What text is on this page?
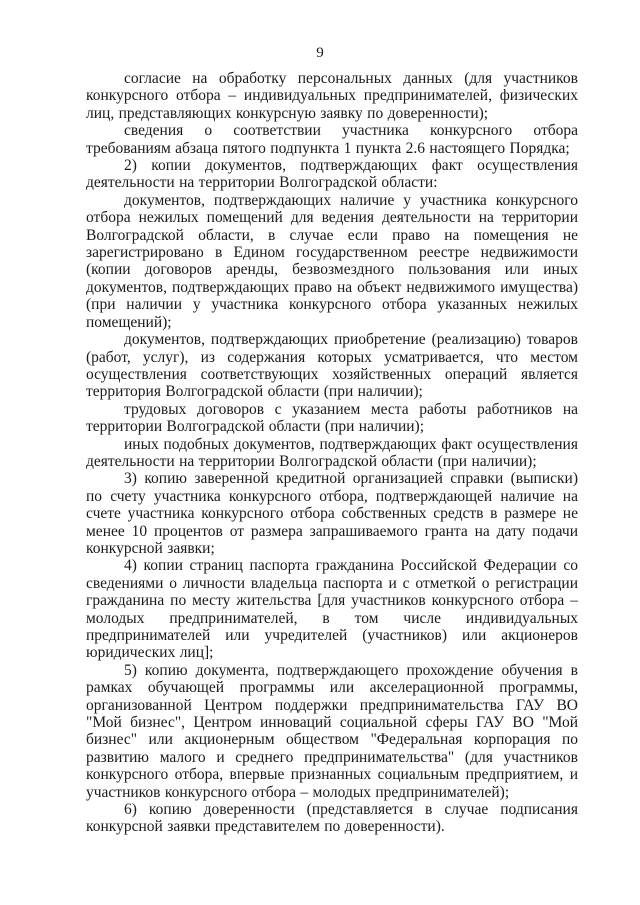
9

согласие на обработку персональных данных (для участников конкурсного отбора – индивидуальных предпринимателей, физических лиц, представляющих конкурсную заявку по доверенности);

сведения о соответствии участника конкурсного отбора требованиям абзаца пятого подпункта 1 пункта 2.6 настоящего Порядка;

2) копии документов, подтверждающих факт осуществления деятельности на территории Волгоградской области:

документов, подтверждающих наличие у участника конкурсного отбора нежилых помещений для ведения деятельности на территории Волгоградской области, в случае если право на помещения не зарегистрировано в Едином государственном реестре недвижимости (копии договоров аренды, безвозмездного пользования или иных документов, подтверждающих право на объект недвижимого имущества) (при наличии у участника конкурсного отбора указанных нежилых помещений);

документов, подтверждающих приобретение (реализацию) товаров (работ, услуг), из содержания которых усматривается, что местом осуществления соответствующих хозяйственных операций является территория Волгоградской области (при наличии);

трудовых договоров с указанием места работы работников на территории Волгоградской области (при наличии);

иных подобных документов, подтверждающих факт осуществления деятельности на территории Волгоградской области (при наличии);

3) копию заверенной кредитной организацией справки (выписки) по счету участника конкурсного отбора, подтверждающей наличие на счете участника конкурсного отбора собственных средств в размере не менее 10 процентов от размера запрашиваемого гранта на дату подачи конкурсной заявки;

4) копии страниц паспорта гражданина Российской Федерации со сведениями о личности владельца паспорта и с отметкой о регистрации гражданина по месту жительства [для участников конкурсного отбора – молодых предпринимателей, в том числе индивидуальных предпринимателей или учредителей (участников) или акционеров юридических лиц];

5) копию документа, подтверждающего прохождение обучения в рамках обучающей программы или акселерационной программы, организованной Центром поддержки предпринимательства ГАУ ВО "Мой бизнес", Центром инноваций социальной сферы ГАУ ВО "Мой бизнес" или акционерным обществом "Федеральная корпорация по развитию малого и среднего предпринимательства" (для участников конкурсного отбора, впервые признанных социальным предприятием, и участников конкурсного отбора – молодых предпринимателей);

6) копию доверенности (представляется в случае подписания конкурсной заявки представителем по доверенности).
